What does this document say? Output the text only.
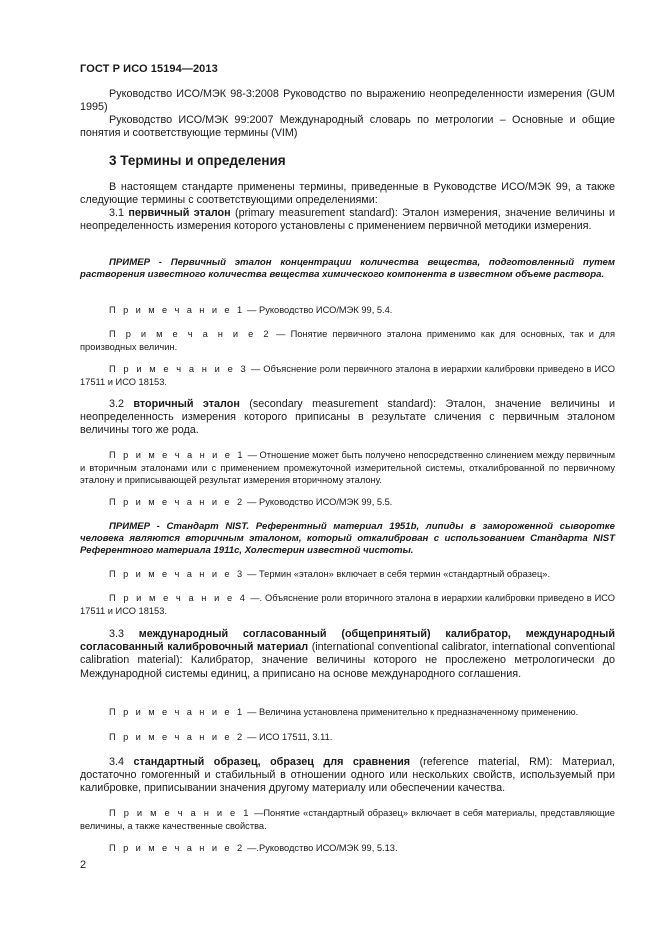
ГОСТ Р ИСО 15194—2013
Руководство ИСО/МЭК 98-3:2008 Руководство по выражению неопределенности измерения (GUM 1995)
Руководство ИСО/МЭК 99:2007 Международный словарь по метрологии – Основные и общие понятия и соответствующие термины (VIM)
3 Термины и определения
В настоящем стандарте применены термины, приведенные в Руководстве ИСО/МЭК 99, а также следующие термины с соответствующими определениями:
3.1 первичный эталон (primary measurement standard): Эталон измерения, значение величины и неопределенность измерения которого установлены с применением первичной методики измерения.
ПРИМЕР - Первичный эталон концентрации количества вещества, подготовленный путем растворения известного количества вещества химического компонента в известном объеме раствора.
П р и м е ч а н и е 1 — Руководство ИСО/МЭК 99, 5.4.
П р и м е ч а н и е 2 — Понятие первичного эталона применимо как для основных, так и для производных величин.
П р и м е ч а н и е 3 — Объяснение роли первичного эталона в иерархии калибровки приведено в ИСО 17511 и ИСО 18153.
3.2 вторичный эталон (secondary measurement standard): Эталон, значение величины и неопределенность измерения которого приписаны в результате сличения с первичным эталоном величины того же рода.
П р и м е ч а н и е 1 — Отношение может быть получено непосредственно слинением между первичным и вторичным эталонами или с применением промежуточной измерительной системы, откалиброванной по первичному эталону и приписывающей результат измерения вторичному эталону.
П р и м е ч а н и е 2 — Руководство ИСО/МЭК 99, 5.5.
ПРИМЕР - Стандарт NIST. Референтный материал 1951b, липиды в замороженной сыворотке человека являются вторичным эталоном, который откалиброван с использованием Стандарта NIST Референтного материала 1911c, Холестерин известной чистоты.
П р и м е ч а н и е 3 — Термин «эталон» включает в себя термин «стандартный образец».
П р и м е ч а н и е 4 —. Объяснение роли вторичного эталона в иерархии калибровки приведено в ИСО 17511 и ИСО 18153.
3.3 международный согласованный (общепринятый) калибратор, международный согласованный калибровочный материал (international conventional calibrator, international conventional calibration material): Калибратор, значение величины которого не прослежено метрологически до Международной системы единиц, а приписано на основе международного соглашения.
П р и м е ч а н и е 1 — Величина установлена применительно к предназначенному применению.
П р и м е ч а н и е 2 — ИСО 17511, 3.11.
3.4 стандартный образец, образец для сравнения (reference material, RM): Материал, достаточно гомогенный и стабильный в отношении одного или нескольких свойств, используемый при калибровке, приписывании значения другому материалу или обеспечении качества.
П р и м е ч а н и е 1 —Понятие «стандартный образец» включает в себя материалы, представляющие величины, а также качественные свойства.
П р и м е ч а н и е 2 —.Руководство ИСО/МЭК 99, 5.13.
2
